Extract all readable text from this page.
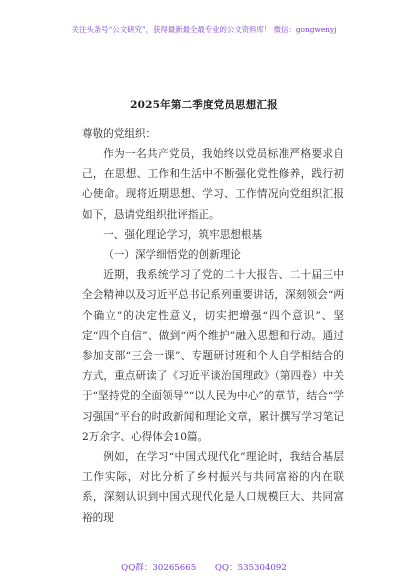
关注头条号“公文研究”，获得最新最全最专业的公文资料库！ 微信：gongwenyj
2025年第二季度党员思想汇报
尊敬的党组织：

作为一名共产党员，我始终以党员标准严格要求自己，在思想、工作和生活中不断强化党性修养，践行初心使命。现将近期思想、学习、工作情况向党组织汇报如下，恳请党组织批评指正。

一、强化理论学习，筑牢思想根基

（一）深学细悟党的创新理论

近期，我系统学习了党的二十大报告、二十届三中全会精神以及习近平总书记系列重要讲话，深刻领会“两个确立”的决定性意义，切实把增强“四个意识”、坚定“四个自信”、做到“两个维护”融入思想和行动。通过参加支部“三会一课”、专题研讨班和个人自学相结合的方式，重点研读了《习近平谈治国理政》（第四卷）中关于“坚持党的全面领导”“以人民为中心”的章节，结合“学习强国”平台的时政新闻和理论文章，累计撰写学习笔记2万余字、心得体会10篇。

例如，在学习“中国式现代化”理论时，我结合基层工作实际，对比分析了乡村振兴与共同富裕的内在联系，深刻认识到中国式现代化是人口规模巨大、共同富裕的现

QQ群：30265665 QQ：535304092
